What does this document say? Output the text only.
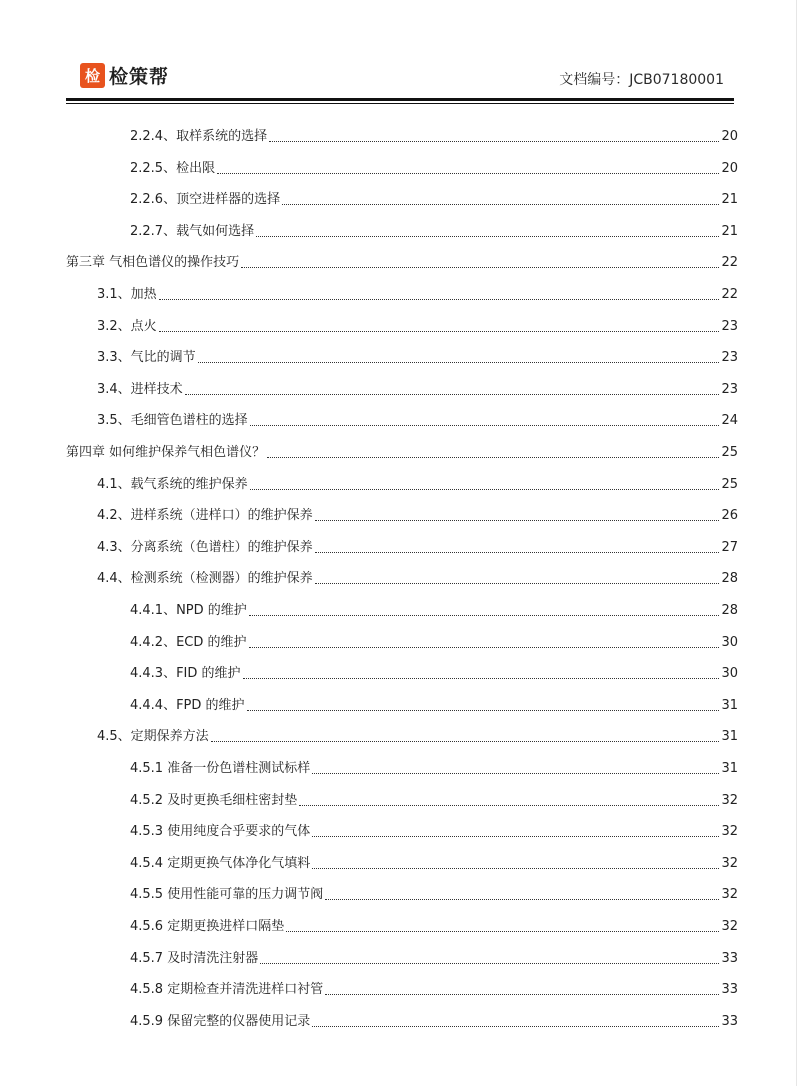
检 检策帮	文档编号：JCB07180001
2.2.4、取样系统的选择	20
2.2.5、检出限	20
2.2.6、顶空进样器的选择	21
2.2.7、载气如何选择	21
第三章 气相色谱仪的操作技巧	22
3.1、加热	22
3.2、点火	23
3.3、气比的调节	23
3.4、进样技术	23
3.5、毛细管色谱柱的选择	24
第四章 如何维护保养气相色谱仪？	25
4.1、载气系统的维护保养	25
4.2、进样系统（进样口）的维护保养	26
4.3、分离系统（色谱柱）的维护保养	27
4.4、检测系统（检测器）的维护保养	28
4.4.1、NPD 的维护	28
4.4.2、ECD 的维护	30
4.4.3、FID 的维护	30
4.4.4、FPD 的维护	31
4.5、定期保养方法	31
4.5.1 准备一份色谱柱测试标样	31
4.5.2 及时更换毛细柱密封垫	32
4.5.3 使用纯度合乎要求的气体	32
4.5.4 定期更换气体净化气填料	32
4.5.5 使用性能可靠的压力调节阀	32
4.5.6 定期更换进样口隔垫	32
4.5.7 及时清洗注射器	33
4.5.8 定期检查并清洗进样口衬管	33
4.5.9 保留完整的仪器使用记录	33
